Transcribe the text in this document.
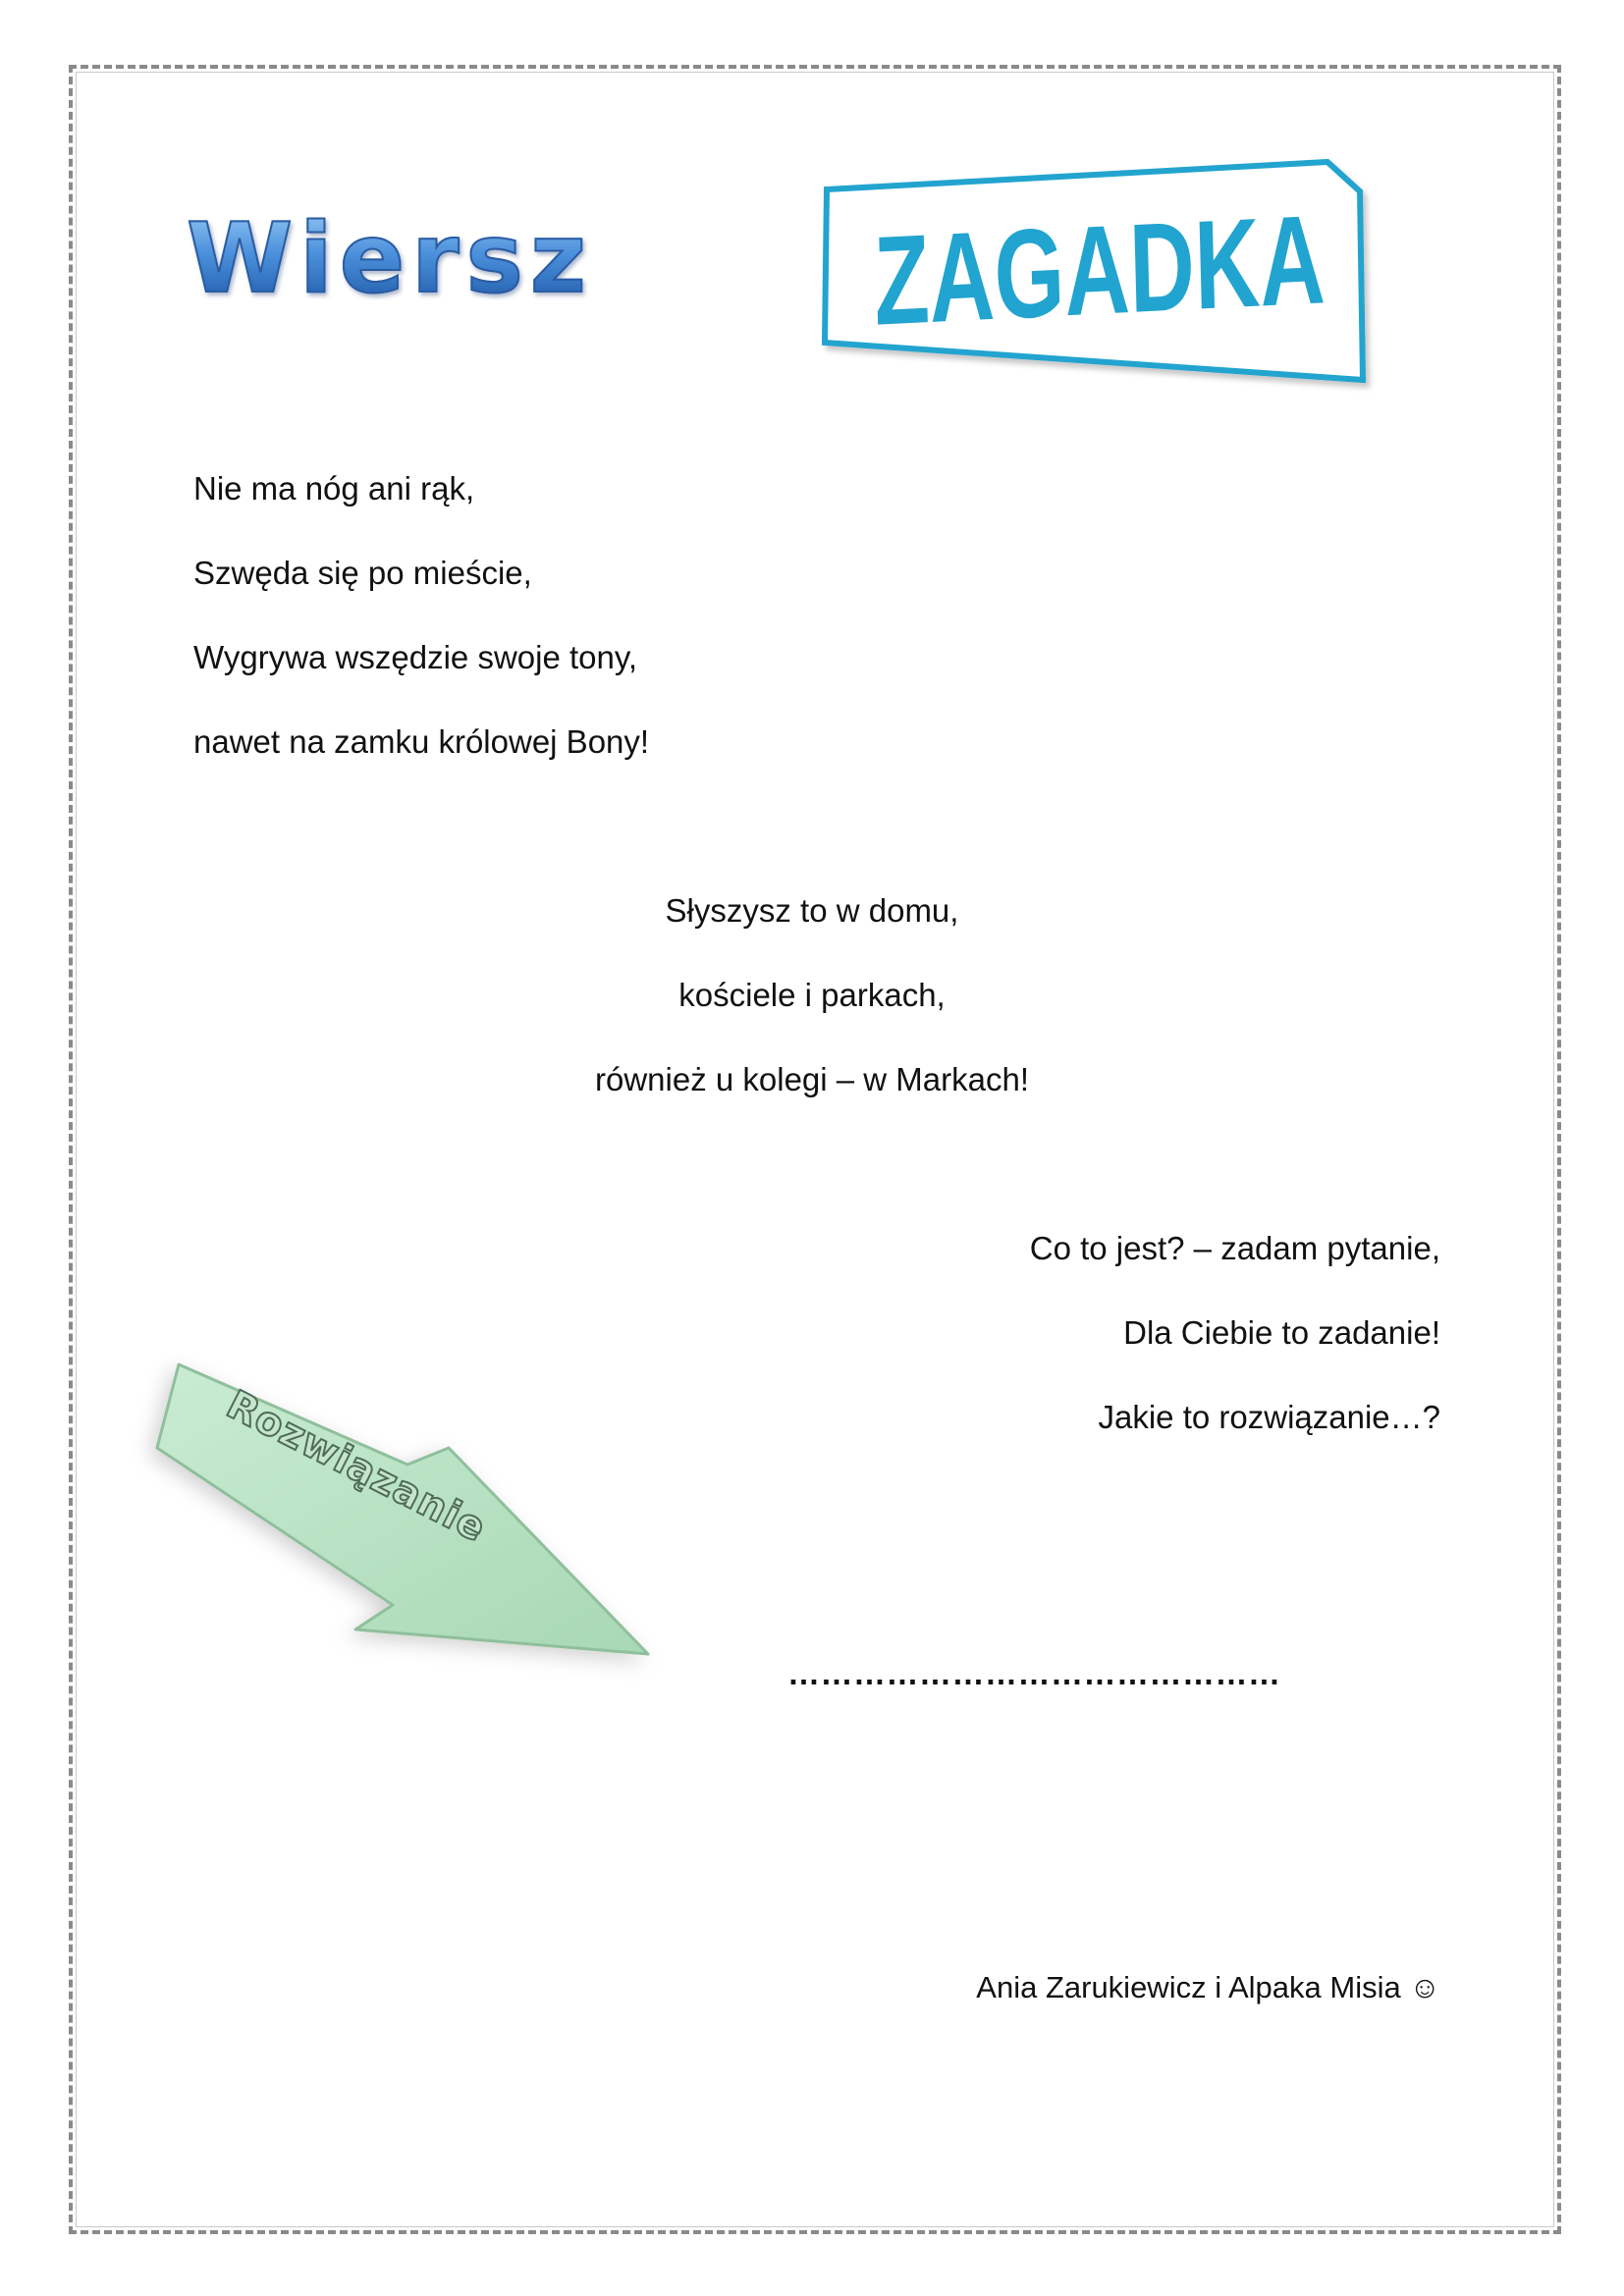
Wiersz	ZAGADKA

Nie ma nóg ani rąk,

Szwęda się po mieście,

Wygrywa wszędzie swoje tony,

nawet na zamku królowej Bony!

Słyszysz to w domu,

kościele i parkach,

również u kolegi – w Markach!

Co to jest? – zadam pytanie,

Dla Ciebie to zadanie!

Jakie to rozwiązanie…?

Rozwiązanie
………………………………………
Ania Zarukiewicz i Alpaka Misia ☺
